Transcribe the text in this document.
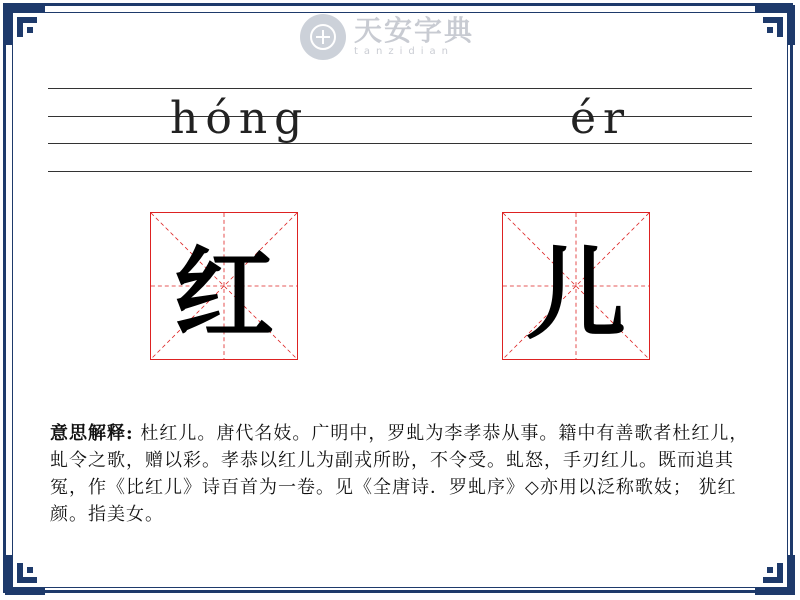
天安字典
tanzidian
hóng	ér
红	儿
意思解释: 杜红儿。唐代名妓。广明中，罗虬为李孝恭从事。籍中有善歌者杜红儿，虬令之歌，赠以彩。孝恭以红儿为副戎所盼，不令受。虬怒，手刃红儿。既而追其冤，作《比红儿》诗百首为一卷。见《全唐诗．罗虬序》◇亦用以泛称歌妓； 犹红颜。指美女。
